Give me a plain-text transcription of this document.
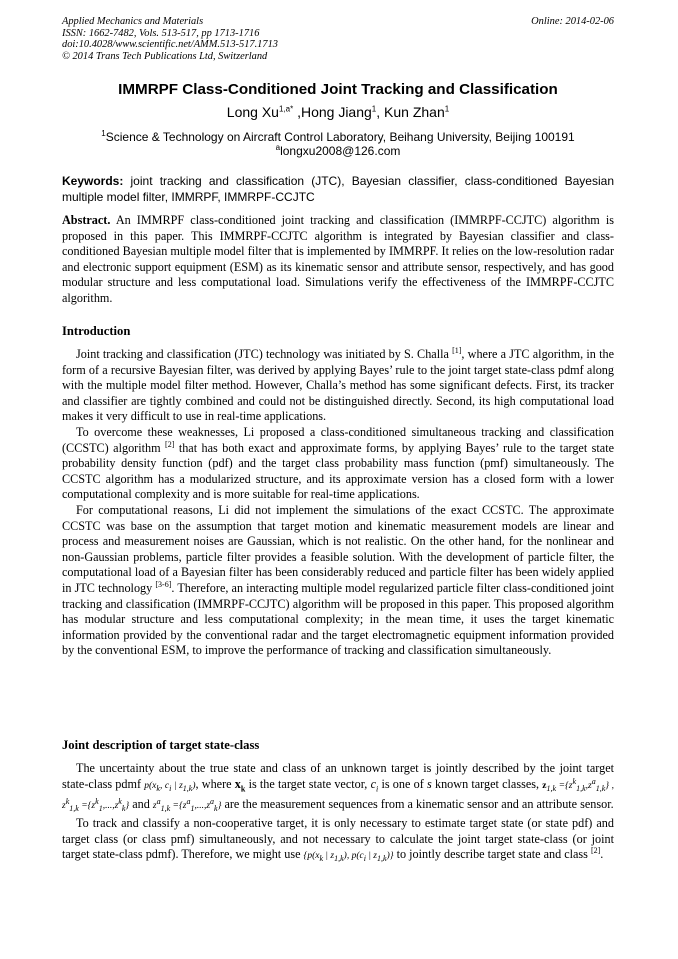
Applied Mechanics and Materials	Online: 2014-02-06
ISSN: 1662-7482, Vols. 513-517, pp 1713-1716
doi:10.4028/www.scientific.net/AMM.513-517.1713
© 2014 Trans Tech Publications Ltd, Switzerland
IMMRPF Class-Conditioned Joint Tracking and Classification
Long $Xu^{1,a*}$ ,Hong Jiang$^1$, Kun Zhan$^1$
$^1$Science & Technology on Aircraft Control Laboratory, Beihang University, Beijing 100191
$^a$longxu2008@126.com
Keywords: joint tracking and classification (JTC), Bayesian classifier, class-conditioned Bayesian multiple model filter, IMMRPF, IMMRPF-CCJTC

Abstract. An IMMRPF class-conditioned joint tracking and classification (IMMRPF-CCJTC) algorithm is proposed in this paper. This IMMRPF-CCJTC algorithm is integrated by Bayesian classifier and class-conditioned Bayesian multiple model filter that is implemented by IMMRPF. It relies on the low-resolution radar and electronic support equipment (ESM) as its kinematic sensor and attribute sensor, respectively, and has good modular structure and less computational load. Simulations verify the effectiveness of the IMMRPF-CCJTC algorithm.

Introduction

Joint tracking and classification (JTC) technology was initiated by S. Challa [1], where a JTC algorithm, in the form of a recursive Bayesian filter, was derived by applying Bayes’ rule to the joint target state-class pdmf along with the multiple model filter method. However, Challa’s method has some significant defects. First, its tracker and classifier are tightly combined and could not be distinguished directly. Second, its high computational load makes it very difficult to use in real-time applications.

To overcome these weaknesses, Li proposed a class-conditioned simultaneous tracking and classification (CCSTC) algorithm [2] that has both exact and approximate forms, by applying Bayes’ rule to the target state probability density function (pdf) and the target class probability mass function (pmf) simultaneously. The CCSTC algorithm has a modularized structure, and its approximate version has a closed form with a lower computational complexity and is more suitable for real-time applications.

For computational reasons, Li did not implement the simulations of the exact CCSTC. The approximate CCSTC was base on the assumption that target motion and kinematic measurement models are linear and process and measurement noises are Gaussian, which is not realistic. On the other hand, for the nonlinear and non-Gaussian problems, particle filter provides a feasible solution. With the development of particle filter, the computational load of a Bayesian filter has been considerably reduced and particle filter has been widely applied in JTC technology [3-6]. Therefore, an interacting multiple model regularized particle filter class-conditioned joint tracking and classification (IMMRPF-CCJTC) algorithm will be proposed in this paper. This proposed algorithm has modular structure and less computational complexity; in the mean time, it uses the target kinematic information provided by the conventional radar and the target electromagnetic equipment information provided by the conventional ESM, to improve the performance of tracking and classification simultaneously.

Joint description of target state-class

The uncertainty about the true state and class of an unknown target is jointly described by the joint target state-class pdmf $p(x_k$, $c_i$ | $z_{1,k}$), where $x_k$ is the target state vector, $c_i$ is one of s known target classes, $z_{1,k} =\{z^k_{1,k},z^a_{1,k}\}$ , $z^k_{1,k} =\{z^k_1,...,z^k_k\}$ and $z^a_{1,k} =\{z^a_1,...,z^a_k\}$ are the measurement sequences from a kinematic sensor and an attribute sensor.

To track and classify a non-cooperative target, it is only necessary to estimate target state (or state pdf) and target class (or class pmf) simultaneously, and not necessary to calculate the joint target state-class (or joint target state-class pdmf). Therefore, we might use {$p(x_k$ | $z_{1,k}$), $p(c_i$ | $z_{1,k}$)} to jointly describe target state and class [2].
